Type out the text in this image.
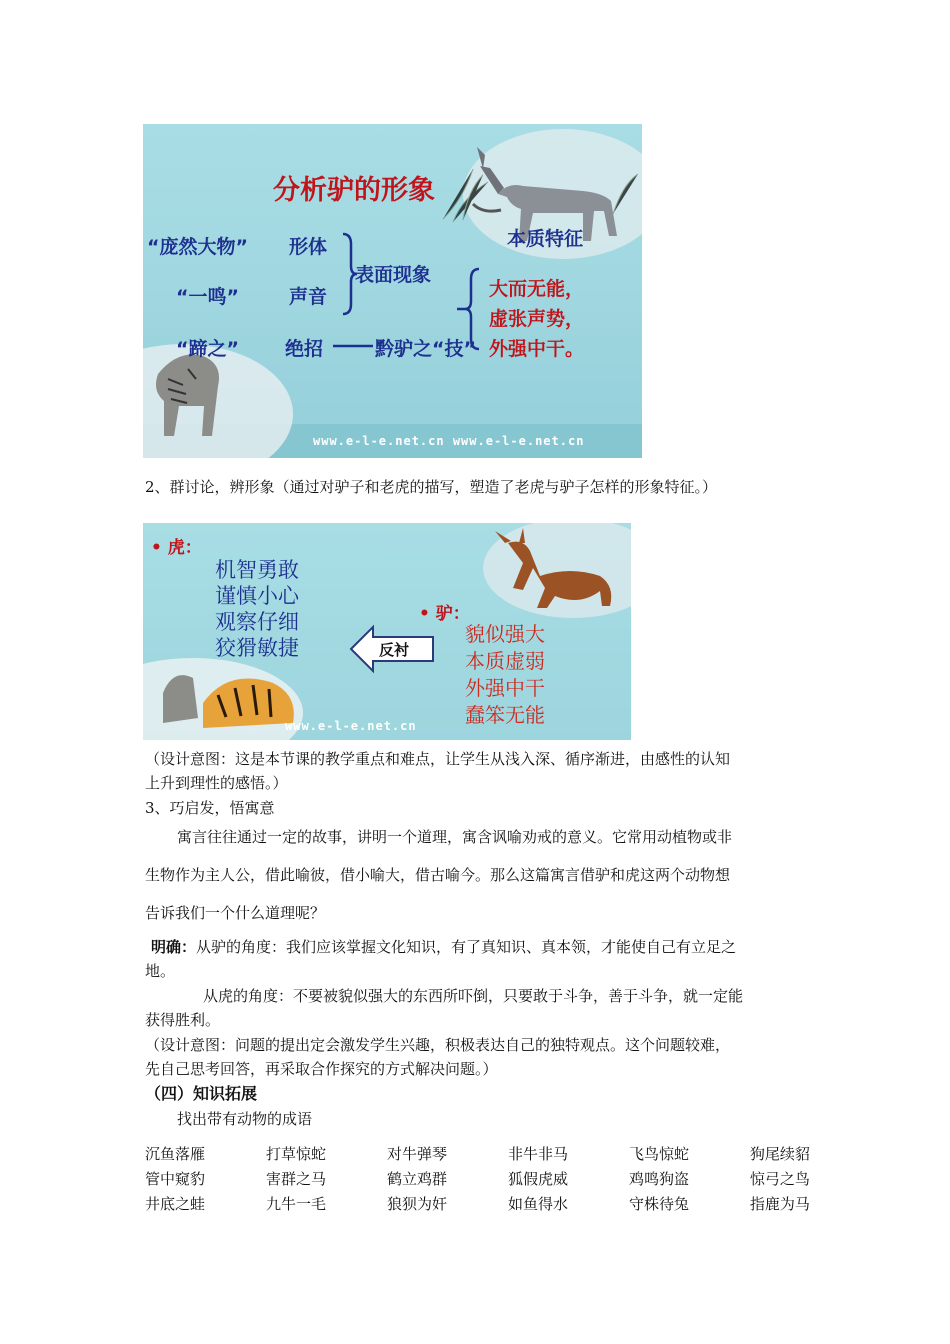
分析驴的形象
“庞然大物” 形体
表面现象
本质特征
“一鸣”	声音	大而无能，
虚张声势，
外强中干。
“蹄之” 绝招	黔驴之“技”
www.e-l-e.net.cn www.e-l-e.net.cn
2、群讨论，辨形象（通过对驴子和老虎的描写，塑造了老虎与驴子怎样的形象特征。）
• 虎：
机智勇敢
谨慎小心
观察仔细
狡猾敏捷	反衬
• 驴：
貌似强大
本质虚弱
外强中干
蠢笨无能
www.e-l-e.net.cn
（设计意图：这是本节课的教学重点和难点，让学生从浅入深、循序渐进，由感性的认知
上升到理性的感悟。）
3、巧启发，悟寓意
寓言往往通过一定的故事，讲明一个道理，寓含讽喻劝戒的意义。它常用动植物或非
生物作为主人公，借此喻彼，借小喻大，借古喻今。那么这篇寓言借驴和虎这两个动物想
告诉我们一个什么道理呢？
明确：从驴的角度：我们应该掌握文化知识，有了真知识、真本领，才能使自己有立足之
地。
从虎的角度：不要被貌似强大的东西所吓倒，只要敢于斗争，善于斗争，就一定能
获得胜利。
（设计意图：问题的提出定会激发学生兴趣，积极表达自己的独特观点。这个问题较难，
先自己思考回答，再采取合作探究的方式解决问题。）
（四）知识拓展
找出带有动物的成语
沉鱼落雁	打草惊蛇	对牛弹琴	非牛非马	飞鸟惊蛇	狗尾续貂
管中窥豹	害群之马	鹤立鸡群	狐假虎威	鸡鸣狗盗	惊弓之鸟
井底之蛙	九牛一毛	狼狈为奸	如鱼得水	守株待兔	指鹿为马
